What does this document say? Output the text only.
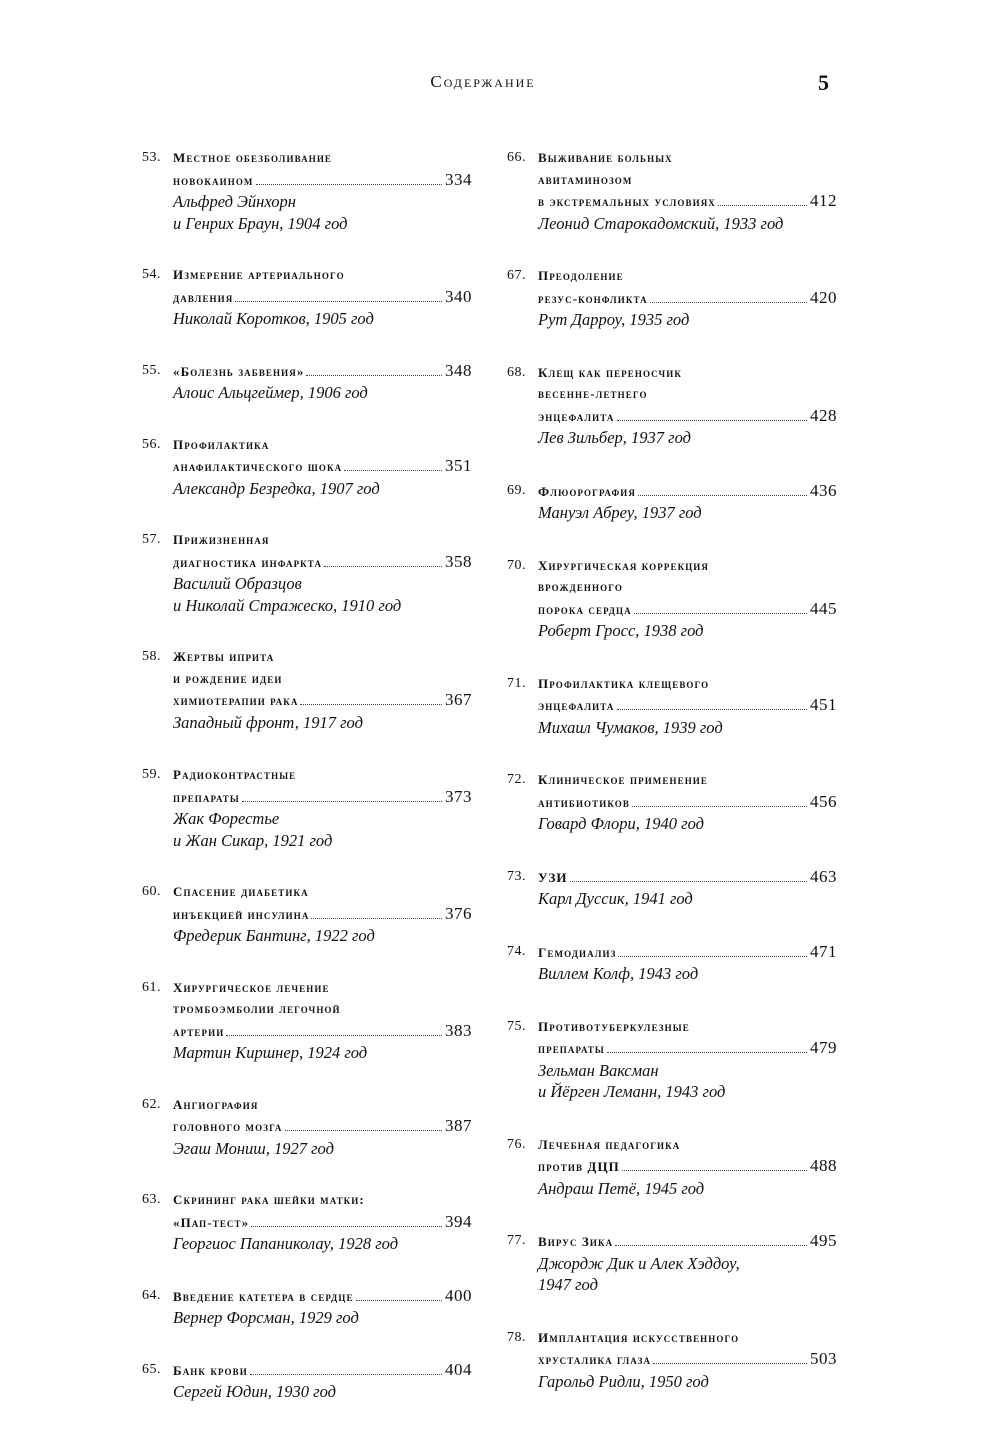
Содержание	5
53. Местное обезболивание
новокаином	334
Альфред Эйнхорн
и Генрих Браун, 1904 год
54. Измерение артериального
давления	340
Николай Коротков, 1905 год
55. «Болезнь забвения»	348
Алоис Альцгеймер, 1906 год
56. Профилактика
анафилактического шока	351
Александр Безредка, 1907 год
57. Прижизненная
диагностика инфаркта	358
Василий Образцов
и Николай Стражеско, 1910 год
58. Жертвы иприта
и рождение идеи
химиотерапии рака	367
Западный фронт, 1917 год
59. Радиоконтрастные
препараты	373
Жак Форестье
и Жан Сикар, 1921 год
60. Спасение диабетика
инъекцией инсулина	376
Фредерик Бантинг, 1922 год
61. Хирургическое лечение
тромбоэмболии легочной
артерии	383
Мартин Киршнер, 1924 год
62. Ангиография
головного мозга	387
Эгаш Мониш, 1927 год
63. Скрининг рака шейки матки:
«Пап-тест»	394
Георгиос Папаниколау, 1928 год
64. Введение катетера в сердце	400
Вернер Форсман, 1929 год
65. Банк крови	404
Сергей Юдин, 1930 год
66. Выживание больных
авитаминозом
в экстремальных условиях	412
Леонид Старокадомский, 1933 год
67. Преодоление
резус-конфликта	420
Рут Дарроу, 1935 год
68. Клещ как переносчик
весенне-летнего
энцефалита	428
Лев Зильбер, 1937 год
69. Флюорография	436
Мануэл Абреу, 1937 год
70. Хирургическая коррекция
врожденного
порока сердца	445
Роберт Гросс, 1938 год
71. Профилактика клещевого
энцефалита	451
Михаил Чумаков, 1939 год
72. Клиническое применение
антибиотиков	456
Говард Флори, 1940 год
73. УЗИ	463
Карл Дуссик, 1941 год
74. Гемодиализ	471
Виллем Колф, 1943 год
75. Противотуберкулезные
препараты	479
Зельман Ваксман
и Йёрген Леманн, 1943 год
76. Лечебная педагогика
против ДЦП	488
Андраш Петё, 1945 год
77. Вирус Зика	495
Джордж Дик и Алек Хэддоу,
1947 год
78. Имплантация искусственного
хрусталика глаза	503
Гарольд Ридли, 1950 год
